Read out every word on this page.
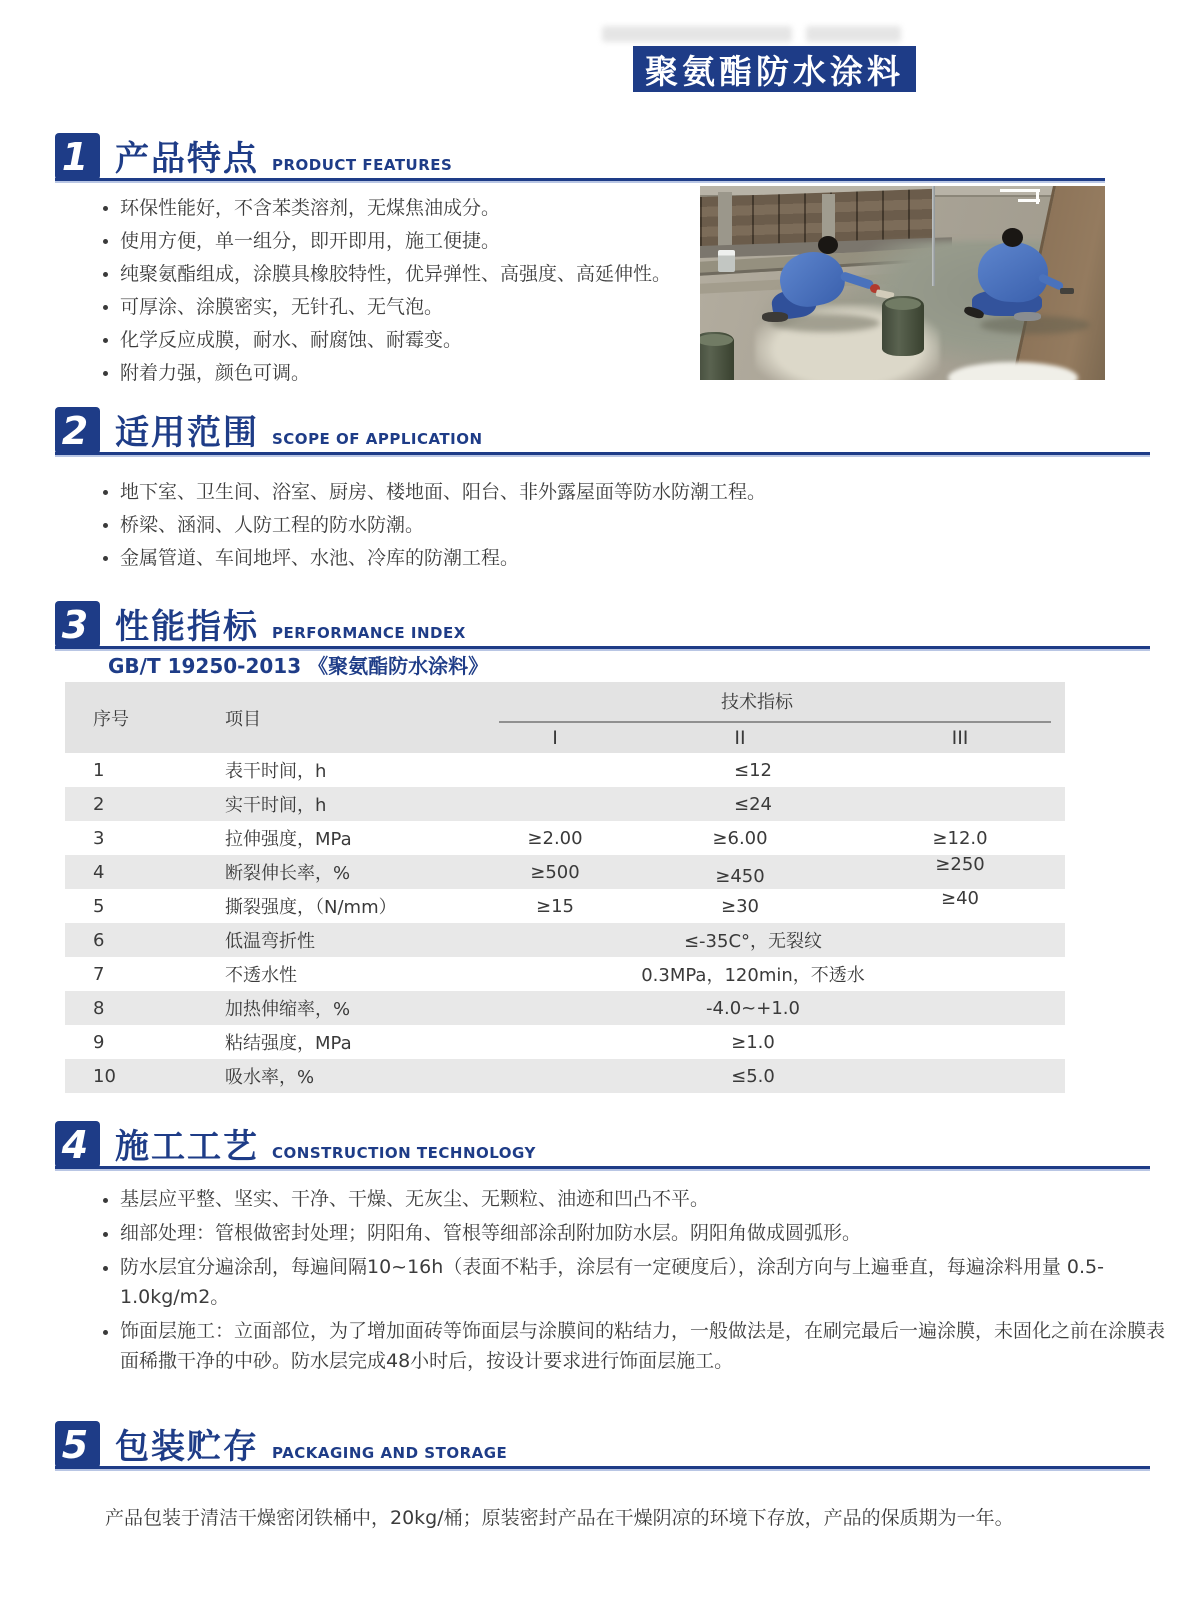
聚氨酯防水涂料
1 产品特点 PRODUCT FEATURES
环保性能好，不含苯类溶剂，无煤焦油成分。
使用方便，单一组分，即开即用，施工便捷。
纯聚氨酯组成，涂膜具橡胶特性，优异弹性、高强度、高延伸性。
可厚涂、涂膜密实，无针孔、无气泡。
化学反应成膜，耐水、耐腐蚀、耐霉变。
附着力强，颜色可调。
2 适用范围 SCOPE OF APPLICATION
地下室、卫生间、浴室、厨房、楼地面、阳台、非外露屋面等防水防潮工程。
桥梁、涵洞、人防工程的防水防潮。
金属管道、车间地坪、水池、冷库的防潮工程。
3 性能指标 PERFORMANCE INDEX
GB/T 19250-2013 《聚氨酯防水涂料》
序号	项目	技术指标		

		I	II	III
1	表干时间，h	≤12		
2	实干时间，h	≤24		
3	拉伸强度，MPa	≥2.00	≥6.00	≥12.0
4	断裂伸长率，%	≥500	≥450	≥250
5	撕裂强度，（N/mm）	≥15	≥30	≥40
6	低温弯折性	≤-35C°，无裂纹		
7	不透水性	0.3MPa，120min，不透水		
8	加热伸缩率，%	-4.0~+1.0		
9	粘结强度，MPa	≥1.0		
10	吸水率，%	≤5.0		
4 施工工艺 CONSTRUCTION TECHNOLOGY
基层应平整、坚实、干净、干燥、无灰尘、无颗粒、油迹和凹凸不平。
细部处理：管根做密封处理；阴阳角、管根等细部涂刮附加防水层。阴阳角做成圆弧形。
防水层宜分遍涂刮，每遍间隔10~16h（表面不粘手，涂层有一定硬度后），涂刮方向与上遍垂直，每遍涂料用量 0.5-1.0kg/m2。
饰面层施工：立面部位，为了增加面砖等饰面层与涂膜间的粘结力，一般做法是，在刷完最后一遍涂膜，未固化之前在涂膜表面稀撒干净的中砂。防水层完成48小时后，按设计要求进行饰面层施工。
5 包装贮存 PACKAGING AND STORAGE
产品包装于清洁干燥密闭铁桶中，20kg/桶；原装密封产品在干燥阴凉的环境下存放，产品的保质期为一年。
